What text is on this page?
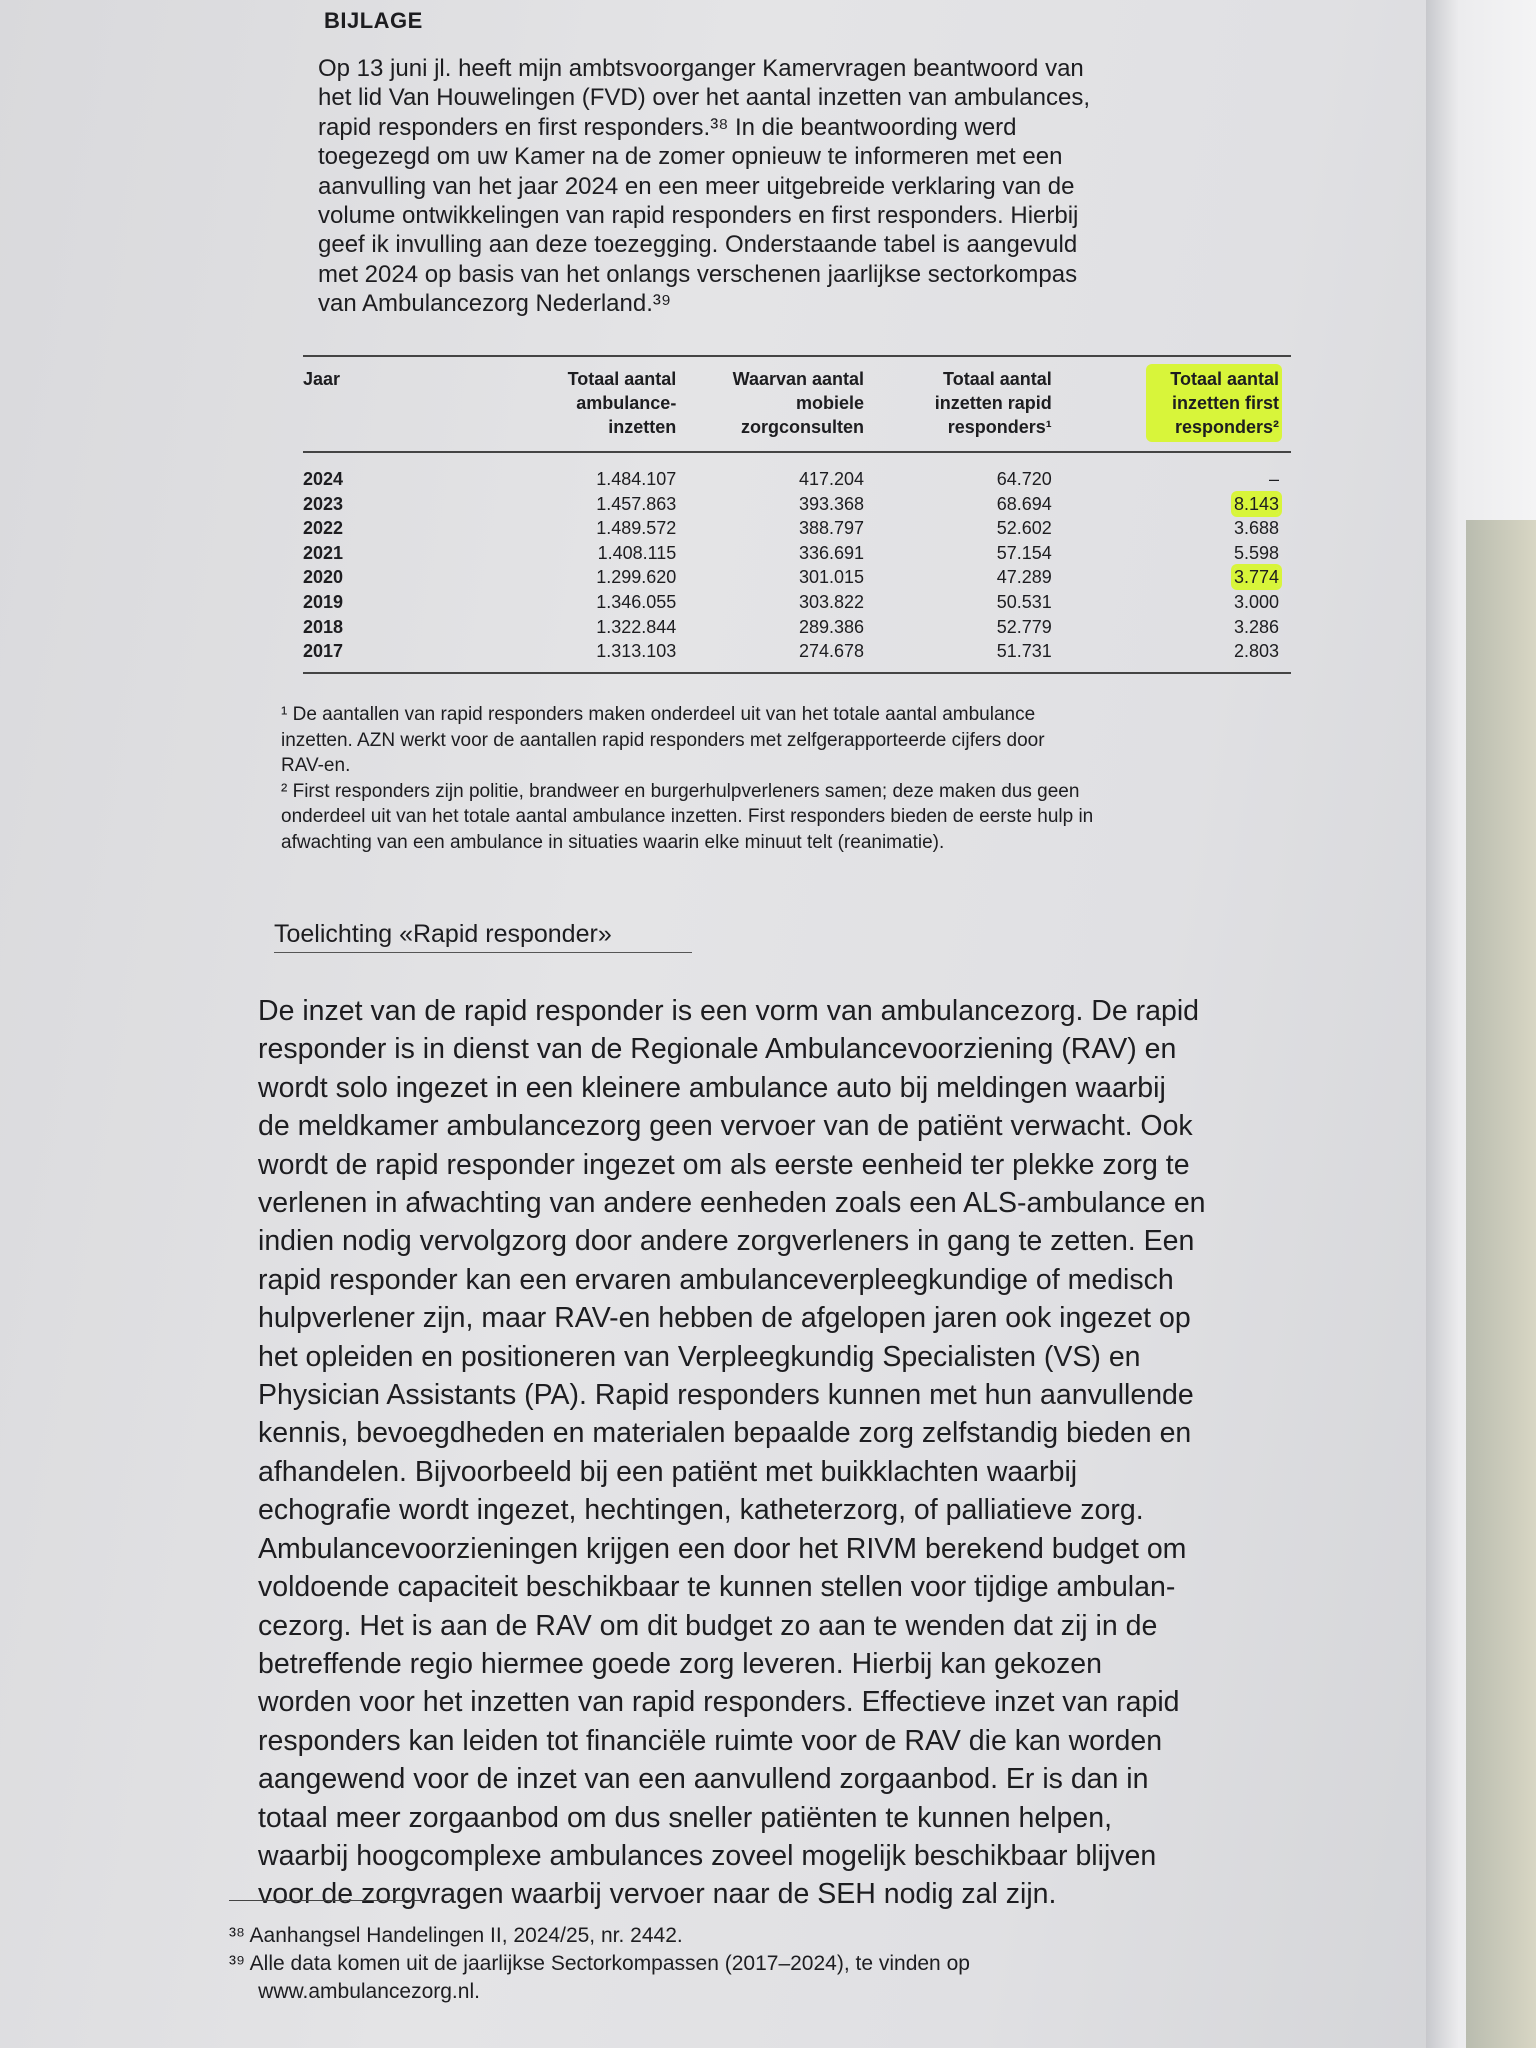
BIJLAGE
Op 13 juni jl. heeft mijn ambtsvoorganger Kamervragen beantwoord van
het lid Van Houwelingen (FVD) over het aantal inzetten van ambulances,
rapid responders en first responders.³⁸ In die beantwoording werd
toegezegd om uw Kamer na de zomer opnieuw te informeren met een
aanvulling van het jaar 2024 en een meer uitgebreide verklaring van de
volume ontwikkelingen van rapid responders en first responders. Hierbij
geef ik invulling aan deze toezegging. Onderstaande tabel is aangevuld
met 2024 op basis van het onlangs verschenen jaarlijkse sectorkompas
van Ambulancezorg Nederland.³⁹
Jaar	Totaal aantal ambulance-inzetten	Waarvan aantal mobiele zorgconsulten	Totaal aantal inzetten rapid responders¹	Totaal aantal inzetten first responders²
2024	1.484.107	417.204	64.720	–
2023	1.457.863	393.368	68.694	8.143
2022	1.489.572	388.797	52.602	3.688
2021	1.408.115	336.691	57.154	5.598
2020	1.299.620	301.015	47.289	3.774
2019	1.346.055	303.822	50.531	3.000
2018	1.322.844	289.386	52.779	3.286
2017	1.313.103	274.678	51.731	2.803
¹ De aantallen van rapid responders maken onderdeel uit van het totale aantal ambulance
inzetten. AZN werkt voor de aantallen rapid responders met zelfgerapporteerde cijfers door
RAV-en.
² First responders zijn politie, brandweer en burgerhulpverleners samen; deze maken dus geen
onderdeel uit van het totale aantal ambulance inzetten. First responders bieden de eerste hulp in
afwachting van een ambulance in situaties waarin elke minuut telt (reanimatie).
Toelichting «Rapid responder»
De inzet van de rapid responder is een vorm van ambulancezorg. De rapid
responder is in dienst van de Regionale Ambulancevoorziening (RAV) en
wordt solo ingezet in een kleinere ambulance auto bij meldingen waarbij
de meldkamer ambulancezorg geen vervoer van de patiënt verwacht. Ook
wordt de rapid responder ingezet om als eerste eenheid ter plekke zorg te
verlenen in afwachting van andere eenheden zoals een ALS-ambulance en
indien nodig vervolgzorg door andere zorgverleners in gang te zetten. Een
rapid responder kan een ervaren ambulanceverpleegkundige of medisch
hulpverlener zijn, maar RAV-en hebben de afgelopen jaren ook ingezet op
het opleiden en positioneren van Verpleegkundig Specialisten (VS) en
Physician Assistants (PA). Rapid responders kunnen met hun aanvullende
kennis, bevoegdheden en materialen bepaalde zorg zelfstandig bieden en
afhandelen. Bijvoorbeeld bij een patiënt met buikklachten waarbij
echografie wordt ingezet, hechtingen, katheterzorg, of palliatieve zorg.
Ambulancevoorzieningen krijgen een door het RIVM berekend budget om
voldoende capaciteit beschikbaar te kunnen stellen voor tijdige ambulan-
cezorg. Het is aan de RAV om dit budget zo aan te wenden dat zij in de
betreffende regio hiermee goede zorg leveren. Hierbij kan gekozen
worden voor het inzetten van rapid responders. Effectieve inzet van rapid
responders kan leiden tot financiële ruimte voor de RAV die kan worden
aangewend voor de inzet van een aanvullend zorgaanbod. Er is dan in
totaal meer zorgaanbod om dus sneller patiënten te kunnen helpen,
waarbij hoogcomplexe ambulances zoveel mogelijk beschikbaar blijven
voor de zorgvragen waarbij vervoer naar de SEH nodig zal zijn.
³⁸ Aanhangsel Handelingen II, 2024/25, nr. 2442.
³⁹ Alle data komen uit de jaarlijkse Sectorkompassen (2017–2024), te vinden op
www.ambulancezorg.nl.
